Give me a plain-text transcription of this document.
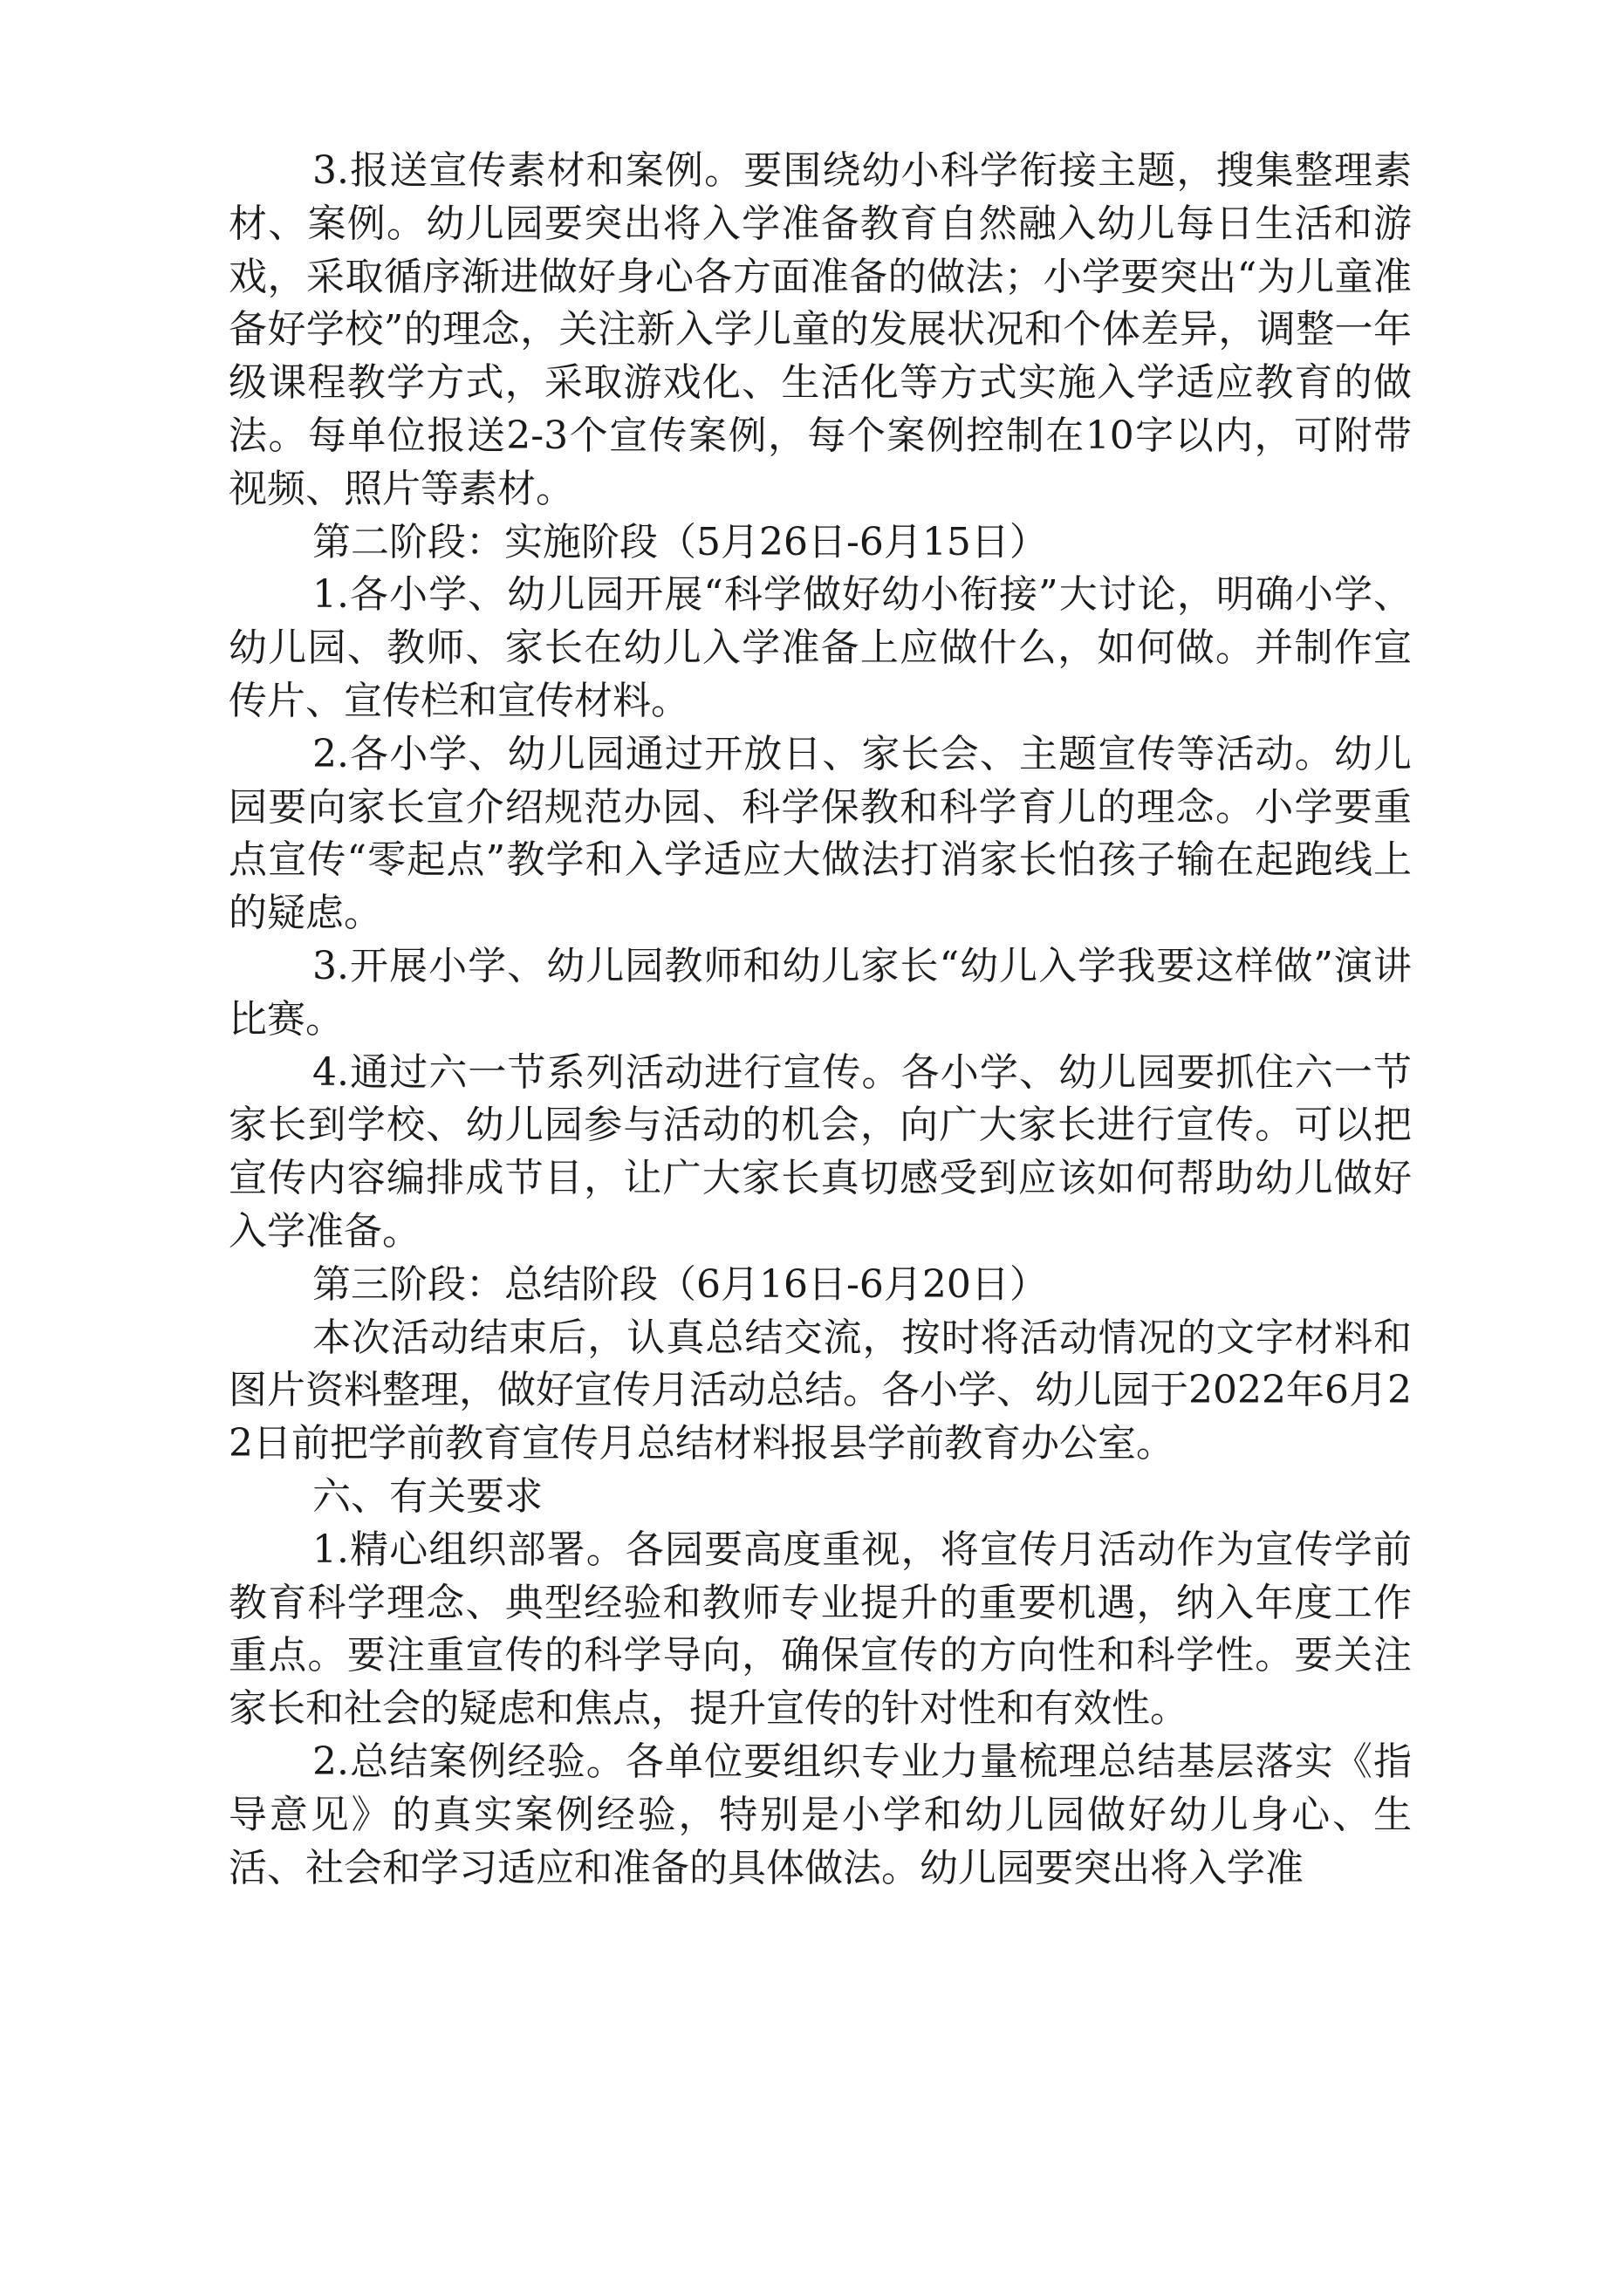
3.报送宣传素材和案例。要围绕幼小科学衔接主题，搜集整理素材、案例。幼儿园要突出将入学准备教育自然融入幼儿每日生活和游戏，采取循序渐进做好身心各方面准备的做法；小学要突出“为儿童准备好学校”的理念，关注新入学儿童的发展状况和个体差异，调整一年级课程教学方式，采取游戏化、生活化等方式实施入学适应教育的做法。每单位报送2-3个宣传案例，每个案例控制在10字以内，可附带视频、照片等素材。

第二阶段：实施阶段（5月26日-6月15日）

1.各小学、幼儿园开展“科学做好幼小衔接”大讨论，明确小学、幼儿园、教师、家长在幼儿入学准备上应做什么，如何做。并制作宣传片、宣传栏和宣传材料。

2.各小学、幼儿园通过开放日、家长会、主题宣传等活动。幼儿园要向家长宣介绍规范办园、科学保教和科学育儿的理念。小学要重点宣传“零起点”教学和入学适应大做法打消家长怕孩子输在起跑线上的疑虑。

3.开展小学、幼儿园教师和幼儿家长“幼儿入学我要这样做”演讲比赛。

4.通过六一节系列活动进行宣传。各小学、幼儿园要抓住六一节家长到学校、幼儿园参与活动的机会，向广大家长进行宣传。可以把宣传内容编排成节目，让广大家长真切感受到应该如何帮助幼儿做好入学准备。

第三阶段：总结阶段（6月16日-6月20日）

本次活动结束后，认真总结交流，按时将活动情况的文字材料和图片资料整理，做好宣传月活动总结。各小学、幼儿园于2022年6月22日前把学前教育宣传月总结材料报县学前教育办公室。

六、有关要求

1.精心组织部署。各园要高度重视，将宣传月活动作为宣传学前教育科学理念、典型经验和教师专业提升的重要机遇，纳入年度工作重点。要注重宣传的科学导向，确保宣传的方向性和科学性。要关注家长和社会的疑虑和焦点，提升宣传的针对性和有效性。

2.总结案例经验。各单位要组织专业力量梳理总结基层落实《指导意见》的真实案例经验，特别是小学和幼儿园做好幼儿身心、生活、社会和学习适应和准备的具体做法。幼儿园要突出将入学准
